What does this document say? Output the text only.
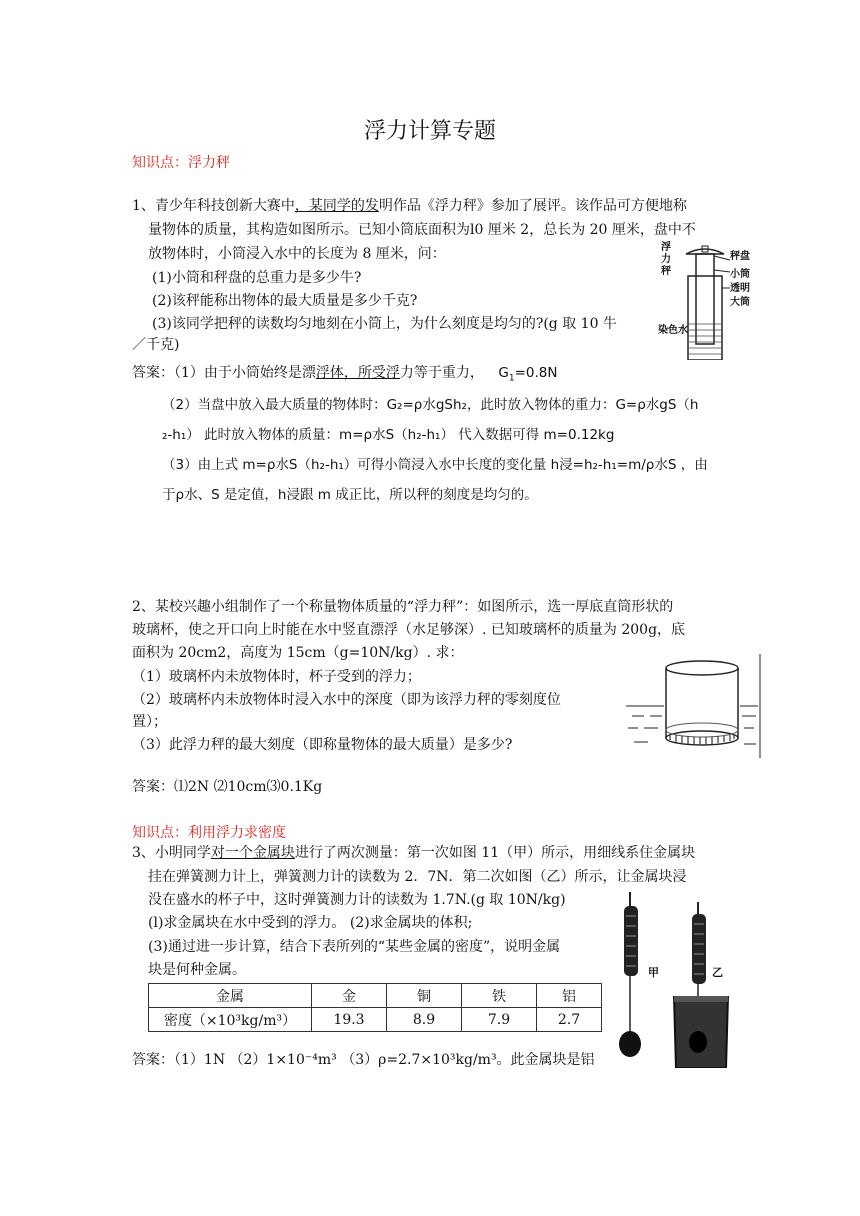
浮力计算专题
知识点：浮力秤
1、青少年科技创新大赛中，某同学的发明作品《浮力秤》参加了展评。该作品可方便地称
量物体的质量，其构造如图所示。已知小筒底面积为l0 厘米 2，总长为 20 厘米，盘中不
放物体时，小筒浸入水中的长度为 8 厘米，问：
(1)小筒和秤盘的总重力是多少牛?
(2)该秤能称出物体的最大质量是多少千克?
(3)该同学把秤的读数均匀地刻在小筒上，为什么刻度是均匀的?(g 取 10 牛
／千克)
浮力秤
秤盘
小筒
透明
大筒
染色水
答案：（1）由于小筒始终是漂浮体，所受浮力等于重力， $G_1=0.8N$
（2）当盘中放入最大质量的物体时：G₂=ρ水gSh₂，此时放入物体的重力：G=ρ水gS（h
₂-h₁） 此时放入物体的质量：m=ρ水S（h₂-h₁） 代入数据可得 m=0.12kg
（3）由上式 m=ρ水S（h₂-h₁）可得小筒浸入水中长度的变化量 h浸=h₂-h₁=m/ρ水S ，由
于ρ水、S 是定值，h浸跟 m 成正比，所以秤的刻度是均匀的。
2、某校兴趣小组制作了一个称量物体质量的“浮力秤”：如图所示，选一厚底直筒形状的
玻璃杯，使之开口向上时能在水中竖直漂浮（水足够深）. 已知玻璃杯的质量为 200g，底
面积为 20cm2，高度为 15cm（g=10N/kg）. 求：
（1）玻璃杯内未放物体时，杯子受到的浮力；
（2）玻璃杯内未放物体时浸入水中的深度（即为该浮力秤的零刻度位
置）；
（3）此浮力秤的最大刻度（即称量物体的最大质量）是多少?
答案：⑴2N ⑵10cm⑶0.1Kg
知识点：利用浮力求密度
3、小明同学对一个金属块进行了两次测量：第一次如图 11（甲）所示，用细线系住金属块
挂在弹簧测力计上，弹簧测力计的读数为 2．7N．第二次如图（乙）所示，让金属块浸
没在盛水的杯子中，这时弹簧测力计的读数为 1.7N.(g 取 10N/kg)
(l)求金属块在水中受到的浮力。 (2)求金属块的体积;
(3)通过进一步计算，结合下表所列的“某些金属的密度”，说明金属
块是何种金属。
金属	金	铜	铁	铝
密度（×10³kg/m³）	19.3	8.9	7.9	2.7
甲	乙
答案：（1）1N （2）1×10⁻⁴m³ （3）ρ=2.7×10³kg/m³。此金属块是铝
